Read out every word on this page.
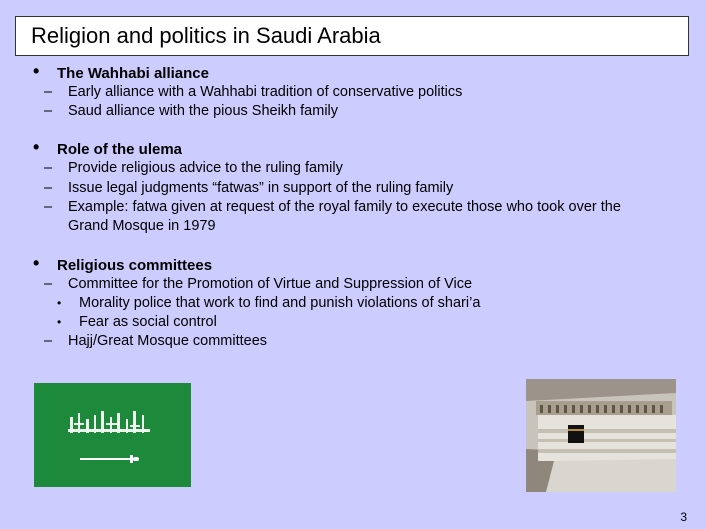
Religion and politics in Saudi Arabia
• The Wahhabi alliance
– Early alliance with a Wahhabi tradition of conservative politics
– Saud alliance with the pious Sheikh family
• Role of the ulema
– Provide religious advice to the ruling family
– Issue legal judgments “fatwas” in support of the ruling family
– Example: fatwa given at request of the royal family to execute those who took over the
Grand Mosque in 1979
• Religious committees
– Committee for the Promotion of Virtue and Suppression of Vice
• Morality police that work to find and punish violations of shari’a
• Fear as social control
– Hajj/Great Mosque committees
3
